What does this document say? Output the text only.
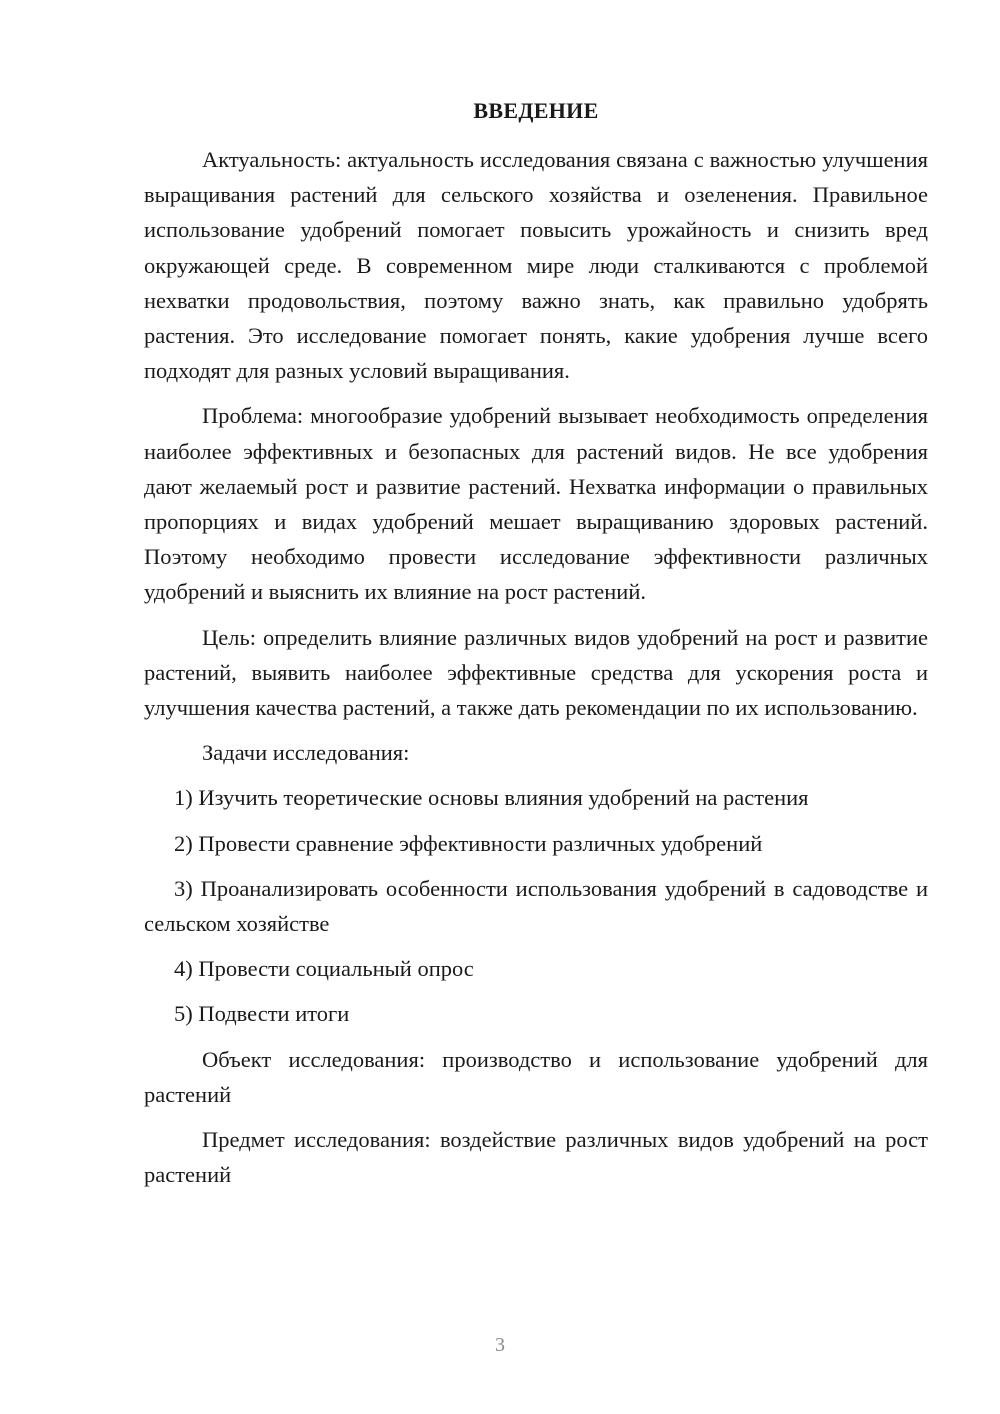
ВВЕДЕНИЕ

Актуальность: актуальность исследования связана с важностью улучшения выращивания растений для сельского хозяйства и озеленения. Правильное использование удобрений помогает повысить урожайность и снизить вред окружающей среде. В современном мире люди сталкиваются с проблемой нехватки продовольствия, поэтому важно знать, как правильно удобрять растения. Это исследование помогает понять, какие удобрения лучше всего подходят для разных условий выращивания.

Проблема: многообразие удобрений вызывает необходимость определения наиболее эффективных и безопасных для растений видов. Не все удобрения дают желаемый рост и развитие растений. Нехватка информации о правильных пропорциях и видах удобрений мешает выращиванию здоровых растений. Поэтому необходимо провести исследование эффективности различных удобрений и выяснить их влияние на рост растений.

Цель: определить влияние различных видов удобрений на рост и развитие растений, выявить наиболее эффективные средства для ускорения роста и улучшения качества растений, а также дать рекомендации по их использованию.

Задачи исследования:

1) Изучить теоретические основы влияния удобрений на растения

2) Провести сравнение эффективности различных удобрений

3) Проанализировать особенности использования удобрений в садоводстве и сельском хозяйстве

4) Провести социальный опрос

5) Подвести итоги

Объект исследования: производство и использование удобрений для растений

Предмет исследования: воздействие различных видов удобрений на рост растений

3
